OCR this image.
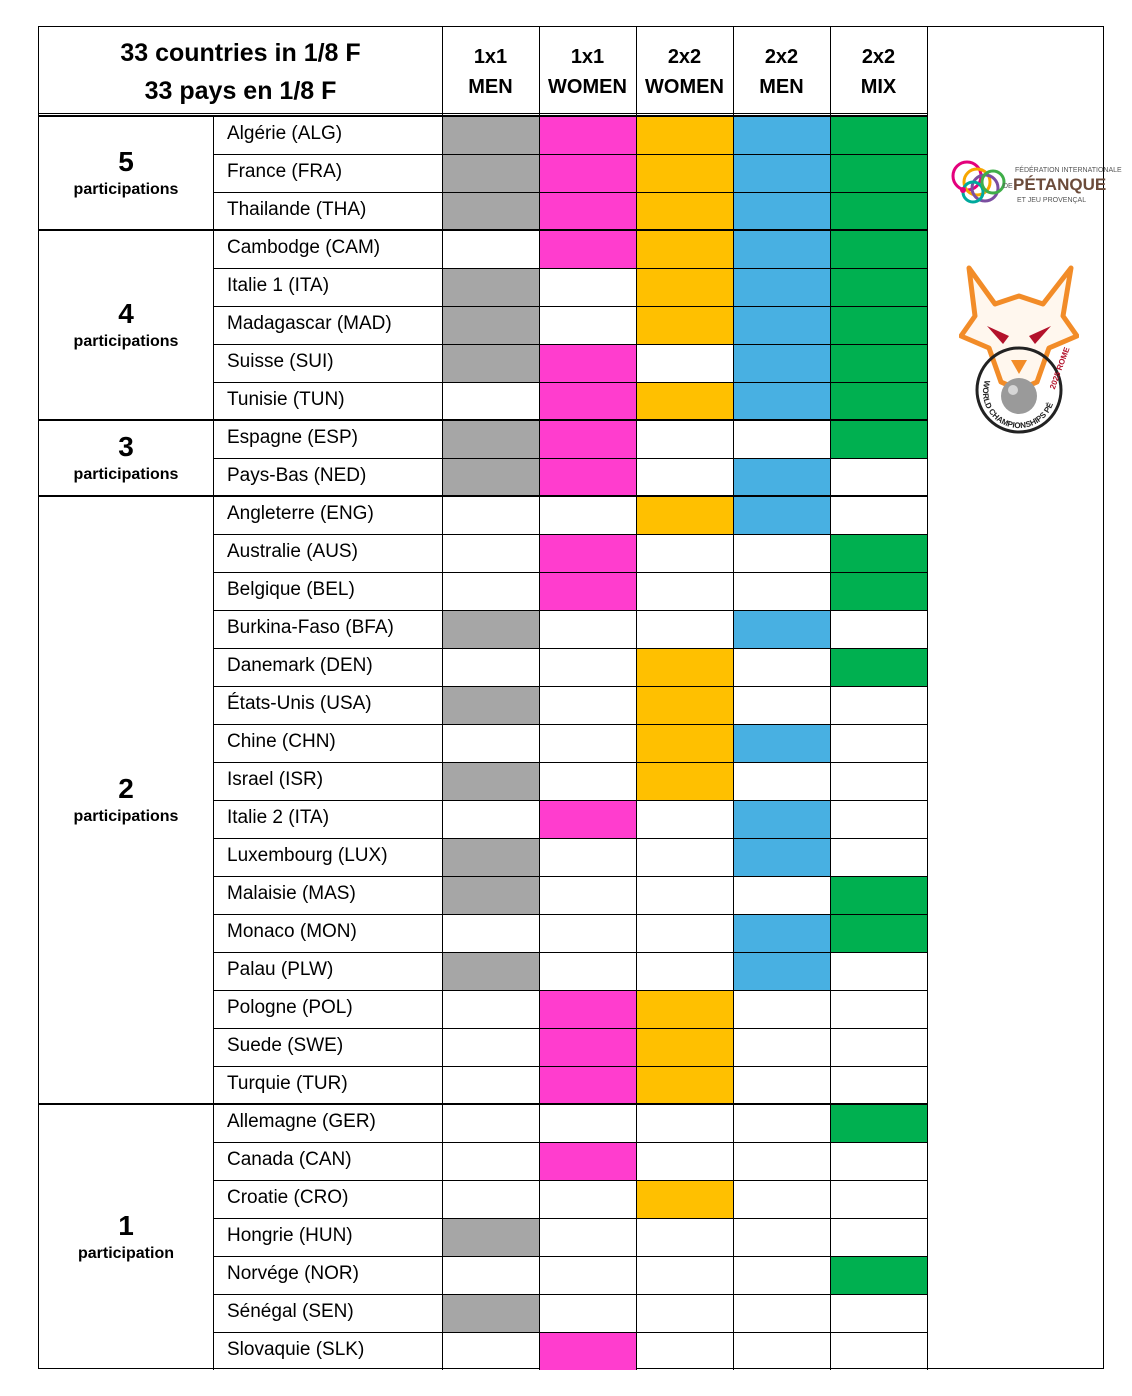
33 countries in 1/8 F
33 pays en 1/8 F
1x1
MEN
1x1
WOMEN
2x2
WOMEN
2x2
MEN
2x2
MIX
5
participations
Algérie (ALG)
France (FRA)
Thailande (THA)
4
participations
Cambodge (CAM)
Italie 1 (ITA)
Madagascar (MAD)
Suisse (SUI)
Tunisie (TUN)
3
participations
Espagne (ESP)
Pays-Bas (NED)
2
participations
Angleterre (ENG)
Australie (AUS)
Belgique (BEL)
Burkina-Faso (BFA)
Danemark (DEN)
États-Unis (USA)
Chine (CHN)
Israel (ISR)
Italie 2 (ITA)
Luxembourg (LUX)
Malaisie (MAS)
Monaco (MON)
Palau (PLW)
Pologne (POL)
Suede (SWE)
Turquie (TUR)
1
participation
Allemagne (GER)
Canada (CAN)
Croatie (CRO)
Hongrie (HUN)
Norvége (NOR)
Sénégal (SEN)
Slovaquie (SLK)
FÉDÉRATION INTERNATIONALE
DE PÉTANQUE
ET JEU PROVENÇAL
WORLD CHAMPIONSHIPS PÉ
2025 ROME
